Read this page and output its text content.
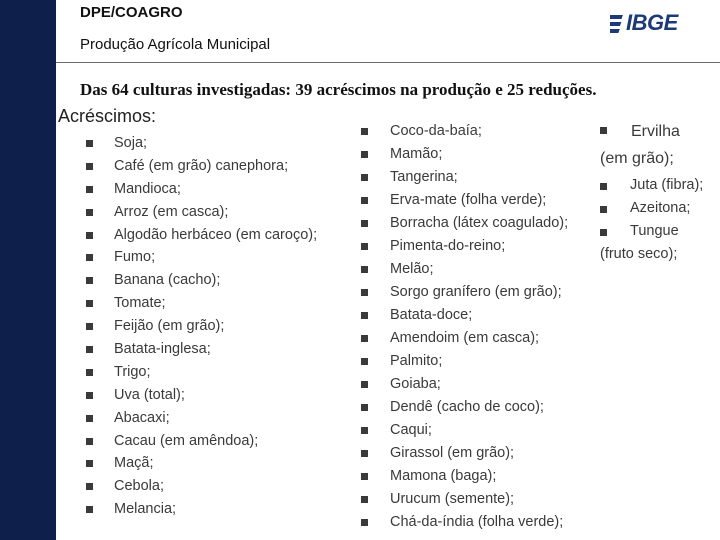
DPE/COAGRO
Produção Agrícola Municipal
IBGE
Das 64 culturas investigadas: 39 acréscimos na produção e 25 reduções.
Acréscimos:
Soja;
Café (em grão) canephora;
Mandioca;
Arroz (em casca);
Algodão herbáceo (em caroço);
Fumo;
Banana (cacho);
Tomate;
Feijão (em grão);
Batata-inglesa;
Trigo;
Uva (total);
Abacaxi;
Cacau (em amêndoa);
Maçã;
Cebola;
Melancia;
Coco-da-baía;
Mamão;
Tangerina;
Erva-mate (folha verde);
Borracha (látex coagulado);
Pimenta-do-reino;
Melão;
Sorgo granífero (em grão);
Batata-doce;
Amendoim (em casca);
Palmito;
Goiaba;
Dendê (cacho de coco);
Caqui;
Girassol (em grão);
Mamona (baga);
Urucum (semente);
Chá-da-índia (folha verde);
Ervilha
(em grão);
Juta (fibra);
Azeitona;
Tungue
(fruto seco);
